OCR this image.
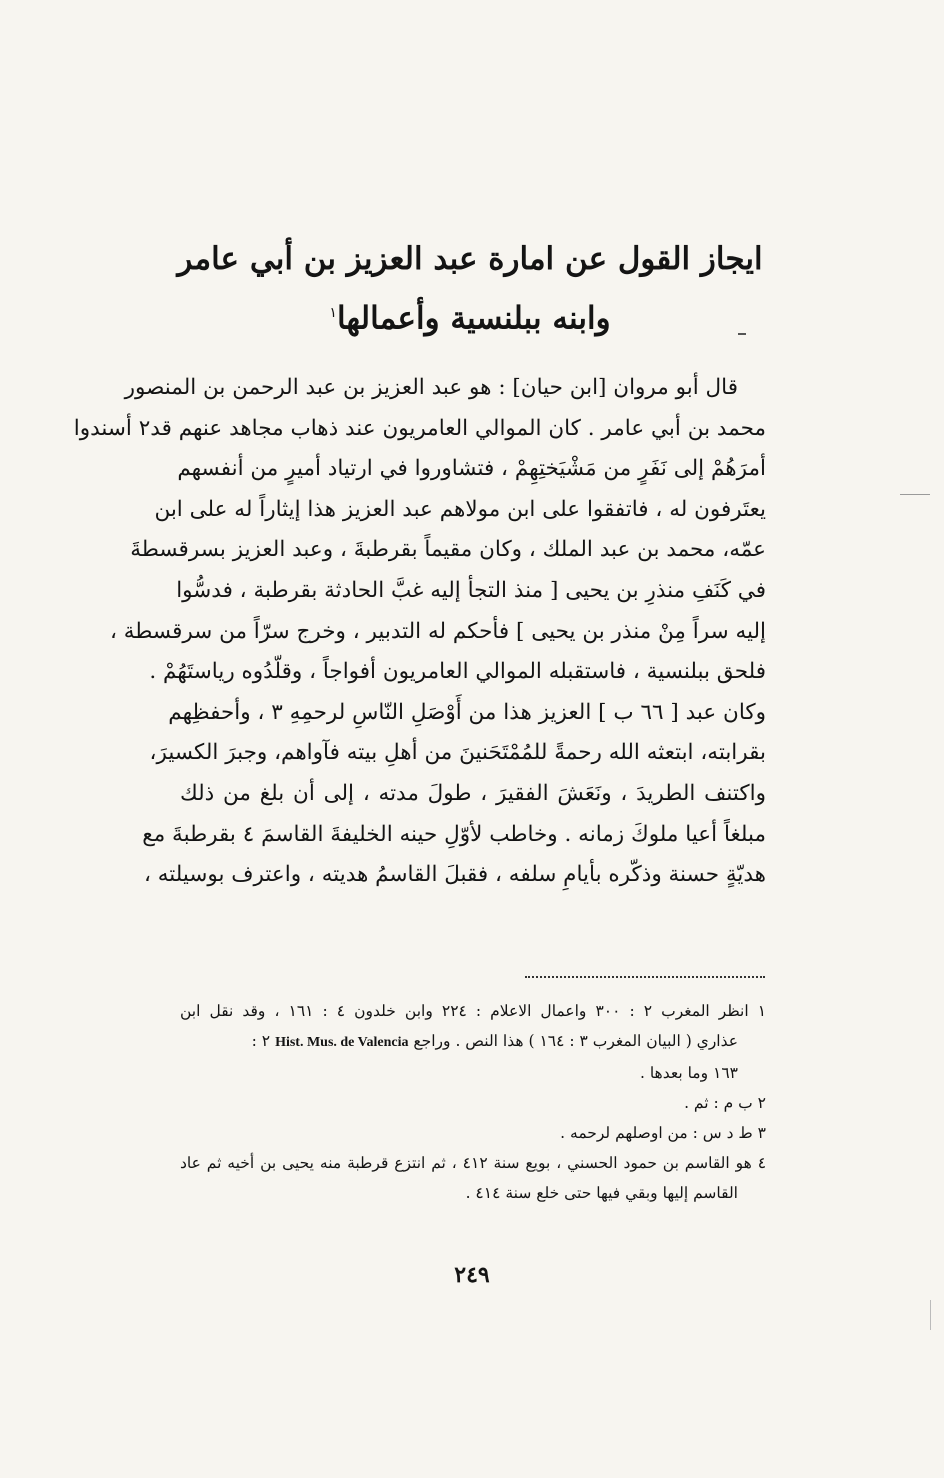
ايجاز القول عن امارة عبد العزيز بن أبي عامر
وابنه ببلنسية وأعمالها$^١$
قال أبو مروان [ابن حيان] : هو عبد العزيز بن عبد الرحمن بن المنصور
محمد بن أبي عامر . كان الموالي العامريون عند ذهاب مجاهد عنهم قد٢ أسندوا
أمرَهُمْ إلى نَفَرٍ من مَشْيَختِهِمْ ، فتشاوروا في ارتياد أميرٍ من أنفسهم
يعتَرفون له ، فاتفقوا على ابن مولاهم عبد العزيز هذا إيثاراً له على ابن
عمّه، محمد بن عبد الملك ، وكان مقيماً بقرطبةَ ، وعبد العزيز بسرقسطةَ
في كَنَفِ منذرِ بن يحيى [ منذ التجأ إليه غبَّ الحادثة بقرطبة ، فدسُّوا
إليه سراً مِنْ منذر بن يحيى ] فأحكم له التدبير ، وخرج سرّاً من سرقسطة ،
فلحق ببلنسية ، فاستقبله الموالي العامريون أفواجاً ، وقلّدُوه رياستَهُمْ .
وكان عبد [ ٦٦ ب ] العزيز هذا من أَوْصَلِ النّاسِ لرحمِهِ ٣ ، وأحفظِهم
بقرابته، ابتعثه الله رحمةً للمُمْتَحَنينَ من أهلِ بيته فآواهم، وجبرَ الكسيرَ،
واكتنف الطريدَ ، ونَعَشَ الفقيرَ ، طولَ مدته ، إلى أن بلغ من ذلك
مبلغاً أعيا ملوكَ زمانه . وخاطب لأوّلِ حينه الخليفةَ القاسمَ ٤ بقرطبةَ مع
هديّةٍ حسنة وذكّره بأيامِ سلفه ، فقبلَ القاسمُ هديته ، واعترف بوسيلته ،
١ انظر المغرب ٢ : ٣٠٠ واعمال الاعلام : ٢٢٤ وابن خلدون ٤ : ١٦١ ، وقد نقل ابن
عذاري ( البيان المغرب ٣ : ١٦٤ ) هذا النص . وراجع Hist. Mus. de Valencia ٢ :
١٦٣ وما بعدها .
٢ ب م : ثم .
٣ ط د س : من اوصلهم لرحمه .
٤ هو القاسم بن حمود الحسني ، بويع سنة ٤١٢ ، ثم انتزع قرطبة منه يحيى بن أخيه ثم عاد
القاسم إليها وبقي فيها حتى خلع سنة ٤١٤ .
٢٤٩
